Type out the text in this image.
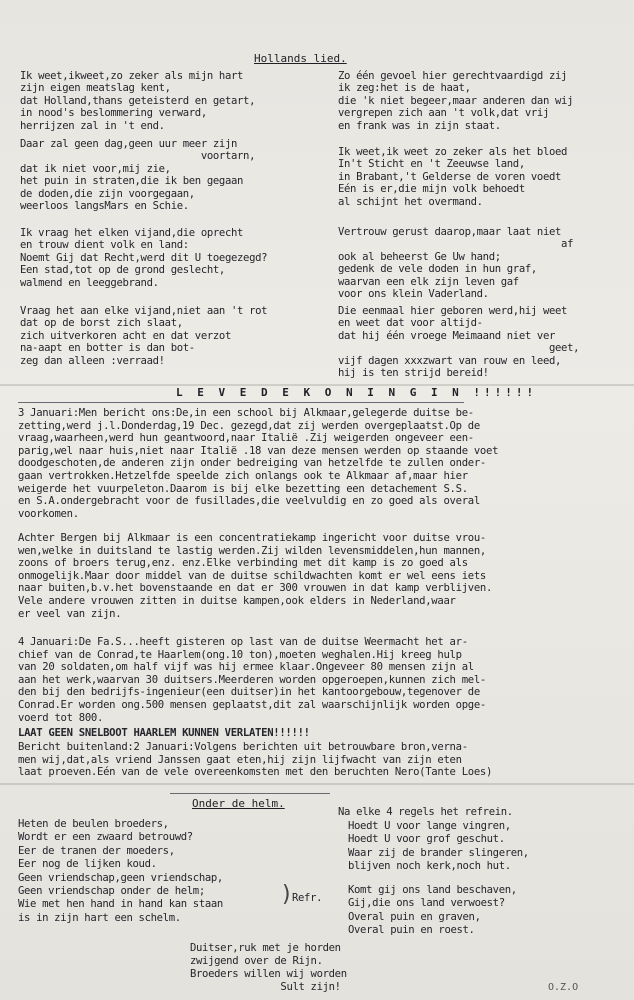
Hollands lied.
Ik weet,ikweet,zo zeker als mijn hart
zijn eigen meatslag kent,
dat Holland,thans geteisterd en getart,
in nood's beslommering verward,
herrijzen zal in 't end.
Daar zal geen dag,geen uur meer zijn
voortarn,
dat ik niet voor,mij zie,
het puin in straten,die ik ben gegaan
de doden,die zijn voorgegaan,
weerloos langsMars en Schie.
Ik vraag het elken vijand,die oprecht
en trouw dient volk en land:
Noemt Gij dat Recht,werd dit U toegezegd?
Een stad,tot op de grond geslecht,
walmend en leeggebrand.
Vraag het aan elke vijand,niet aan 't rot
dat op de borst zich slaat,
zich uitverkoren acht en dat verzot
na-aapt en botter is dan bot-
zeg dan alleen :verraad!
Zo één gevoel hier gerechtvaardigd zij
ik zeg:het is de haat,
die 'k niet begeer,maar anderen dan wij
vergrepen zich aan 't volk,dat vrij
en frank was in zijn staat.
Ik weet,ik weet zo zeker als het bloed
In't Sticht en 't Zeeuwse land,
in Brabant,'t Gelderse de voren voedt
Eén is er,die mijn volk behoedt
al schijnt het overmand.
Vertrouw gerust daarop,maar laat niet
af
ook al beheerst Ge Uw hand;
gedenk de vele doden in hun graf,
waarvan een elk zijn leven gaf
voor ons klein Vaderland.
Die eenmaal hier geboren werd,hij weet
en weet dat voor altijd-
dat hij één vroege Meimaand niet ver
geet,
vijf dagen xxxzwart van rouw en leed,
hij is ten strijd bereid!
L E V E D E K O N I N G I N !!!!!!
3 Januari:Men bericht ons:De,in een school bij Alkmaar,gelegerde duitse be-
zetting,werd j.l.Donderdag,19 Dec. gezegd,dat zij werden overgeplaatst.Op de
vraag,waarheen,werd hun geantwoord,naar Italië .Zij weigerden ongeveer een-
parig,wel naar huis,niet naar Italië .18 van deze mensen werden op staande voet
doodgeschoten,de anderen zijn onder bedreiging van hetzelfde te zullen onder-
gaan vertrokken.Hetzelfde speelde zich onlangs ook te Alkmaar af,maar hier
weigerde het vuurpeleton.Daarom is bij elke bezetting een detachement S.S.
en S.A.ondergebracht voor de fusillades,die veelvuldig en zo goed als overal
voorkomen.
Achter Bergen bij Alkmaar is een concentratiekamp ingericht voor duitse vrou-
wen,welke in duitsland te lastig werden.Zij wilden levensmiddelen,hun mannen,
zoons of broers terug,enz. enz.Elke verbinding met dit kamp is zo goed als
onmogelijk.Maar door middel van de duitse schildwachten komt er wel eens iets
naar buiten,b.v.het bovenstaande en dat er 300 vrouwen in dat kamp verblijven.
Vele andere vrouwen zitten in duitse kampen,ook elders in Nederland,waar
er veel van zijn.
4 Januari:De Fa.S...heeft gisteren op last van de duitse Weermacht het ar-
chief van de Conrad,te Haarlem(ong.10 ton),moeten weghalen.Hij kreeg hulp
van 20 soldaten,om half vijf was hij ermee klaar.Ongeveer 80 mensen zijn al
aan het werk,waarvan 30 duitsers.Meerderen worden opgeroepen,kunnen zich mel-
den bij den bedrijfs-ingenieur(een duitser)in het kantoorgebouw,tegenover de
Conrad.Er worden ong.500 mensen geplaatst,dit zal waarschijnlijk worden opge-
voerd tot 800.
LAAT GEEN SNELBOOT HAARLEM KUNNEN VERLATEN!!!!!!
Bericht buitenland:2 Januari:Volgens berichten uit betrouwbare bron,verna-
men wij,dat,als vriend Janssen gaat eten,hij zijn lijfwacht van zijn eten
laat proeven.Eén van de vele overeenkomsten met den beruchten Nero(Tante Loes)
Onder de helm.
Na elke 4 regels het refrein.
Heten de beulen broeders,
Wordt er een zwaard betrouwd?
Eer de tranen der moeders,
Eer nog de lijken koud.
Geen vriendschap,geen vriendschap,
Geen vriendschap onder de helm;
Wie met hen hand in hand kan staan
is in zijn hart een schelm.
) Refr.
Hoedt U voor lange vingren,
Hoedt U voor grof geschut.
Waar zij de brander slingeren,
blijven noch kerk,noch hut.
Komt gij ons land beschaven,
Gij,die ons land verwoest?
Overal puin en graven,
Overal puin en roest.
Duitser,ruk met je horden
zwijgend over de Rijn.
Broeders willen wij worden
Sult zijn!	O.Z.O
